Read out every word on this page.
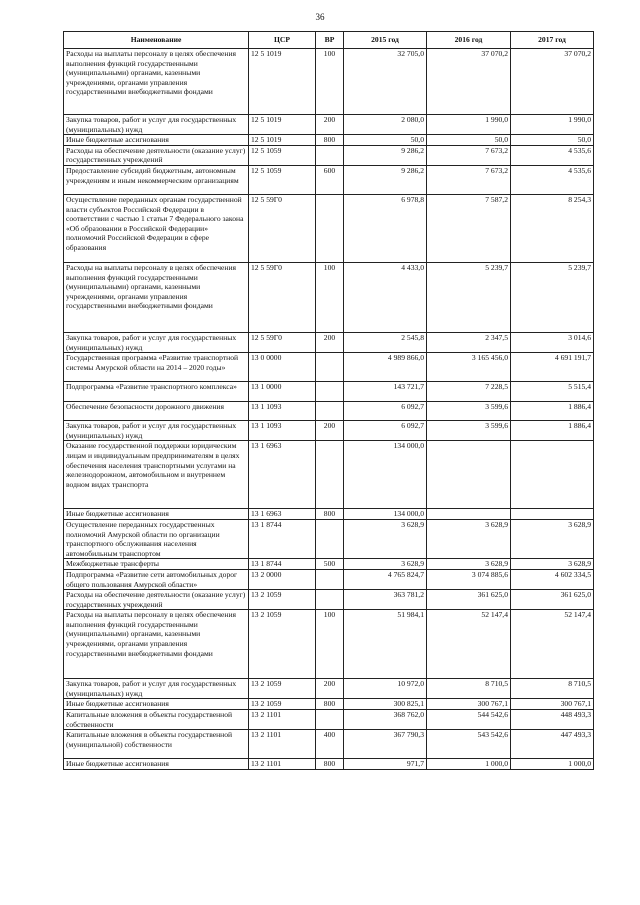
36
Наименование	ЦСР	ВР	2015 год	2016 год	2017 год
Расходы на выплаты персоналу в целях обеспечения выполнения функций государственными (муниципальными) органами, казенными учреждениями, органами управления государственными внебюджетными фондами	12 5 1019	100	32 705,0	37 070,2	37 070,2
Закупка товаров, работ и услуг для государственных (муниципальных) нужд	12 5 1019	200	2 080,0	1 990,0	1 990,0
Иные бюджетные ассигнования	12 5 1019	800	50,0	50,0	50,0
Расходы на обеспечение деятельности (оказание услуг) государственных учреждений	12 5 1059		9 286,2	7 673,2	4 535,6
Предоставление субсидий бюджетным, автономным учреждениям и иным некоммерческим организациям	12 5 1059	600	9 286,2	7 673,2	4 535,6
Осуществление переданных органам государственной власти субъектов Российской Федерации в соответствии с частью 1 статьи 7 Федерального закона «Об образовании в Российской Федерации» полномочий Российской Федерации в сфере образования	12 5 59Г0		6 978,8	7 587,2	8 254,3
Расходы на выплаты персоналу в целях обеспечения выполнения функций государственными (муниципальными) органами, казенными учреждениями, органами управления государственными внебюджетными фондами	12 5 59Г0	100	4 433,0	5 239,7	5 239,7
Закупка товаров, работ и услуг для государственных (муниципальных) нужд	12 5 59Г0	200	2 545,8	2 347,5	3 014,6
Государственная программа «Развитие транспортной системы Амурской области на 2014 – 2020 годы»	13 0 0000		4 989 866,0	3 165 456,0	4 691 191,7
Подпрограмма «Развитие транспортного комплекса»	13 1 0000		143 721,7	7 228,5	5 515,4
Обеспечение безопасности дорожного движения	13 1 1093		6 092,7	3 599,6	1 886,4
Закупка товаров, работ и услуг для государственных (муниципальных) нужд	13 1 1093	200	6 092,7	3 599,6	1 886,4
Оказание государственной поддержки юридическим лицам и индивидуальным предпринимателям в целях обеспечения населения транспортными услугами на железнодорожном, автомобильном и внутреннем водном видах транспорта	13 1 6963		134 000,0		
Иные бюджетные ассигнования	13 1 6963	800	134 000,0		
Осуществление переданных государственных полномочий Амурской области по организации транспортного обслуживания населения автомобильным транспортом	13 1 8744		3 628,9	3 628,9	3 628,9
Межбюджетные трансферты	13 1 8744	500	3 628,9	3 628,9	3 628,9
Подпрограмма «Развитие сети автомобильных дорог общего пользования Амурской области»	13 2 0000		4 765 824,7	3 074 885,6	4 602 334,5
Расходы на обеспечение деятельности (оказание услуг) государственных учреждений	13 2 1059		363 781,2	361 625,0	361 625,0
Расходы на выплаты персоналу в целях обеспечения выполнения функций государственными (муниципальными) органами, казенными учреждениями, органами управления государственными внебюджетными фондами	13 2 1059	100	51 984,1	52 147,4	52 147,4
Закупка товаров, работ и услуг для государственных (муниципальных) нужд	13 2 1059	200	10 972,0	8 710,5	8 710,5
Иные бюджетные ассигнования	13 2 1059	800	300 825,1	300 767,1	300 767,1
Капитальные вложения в объекты государственной собственности	13 2 1101		368 762,0	544 542,6	448 493,3
Капитальные вложения в объекты государственной (муниципальной) собственности	13 2 1101	400	367 790,3	543 542,6	447 493,3
Иные бюджетные ассигнования	13 2 1101	800	971,7	1 000,0	1 000,0
